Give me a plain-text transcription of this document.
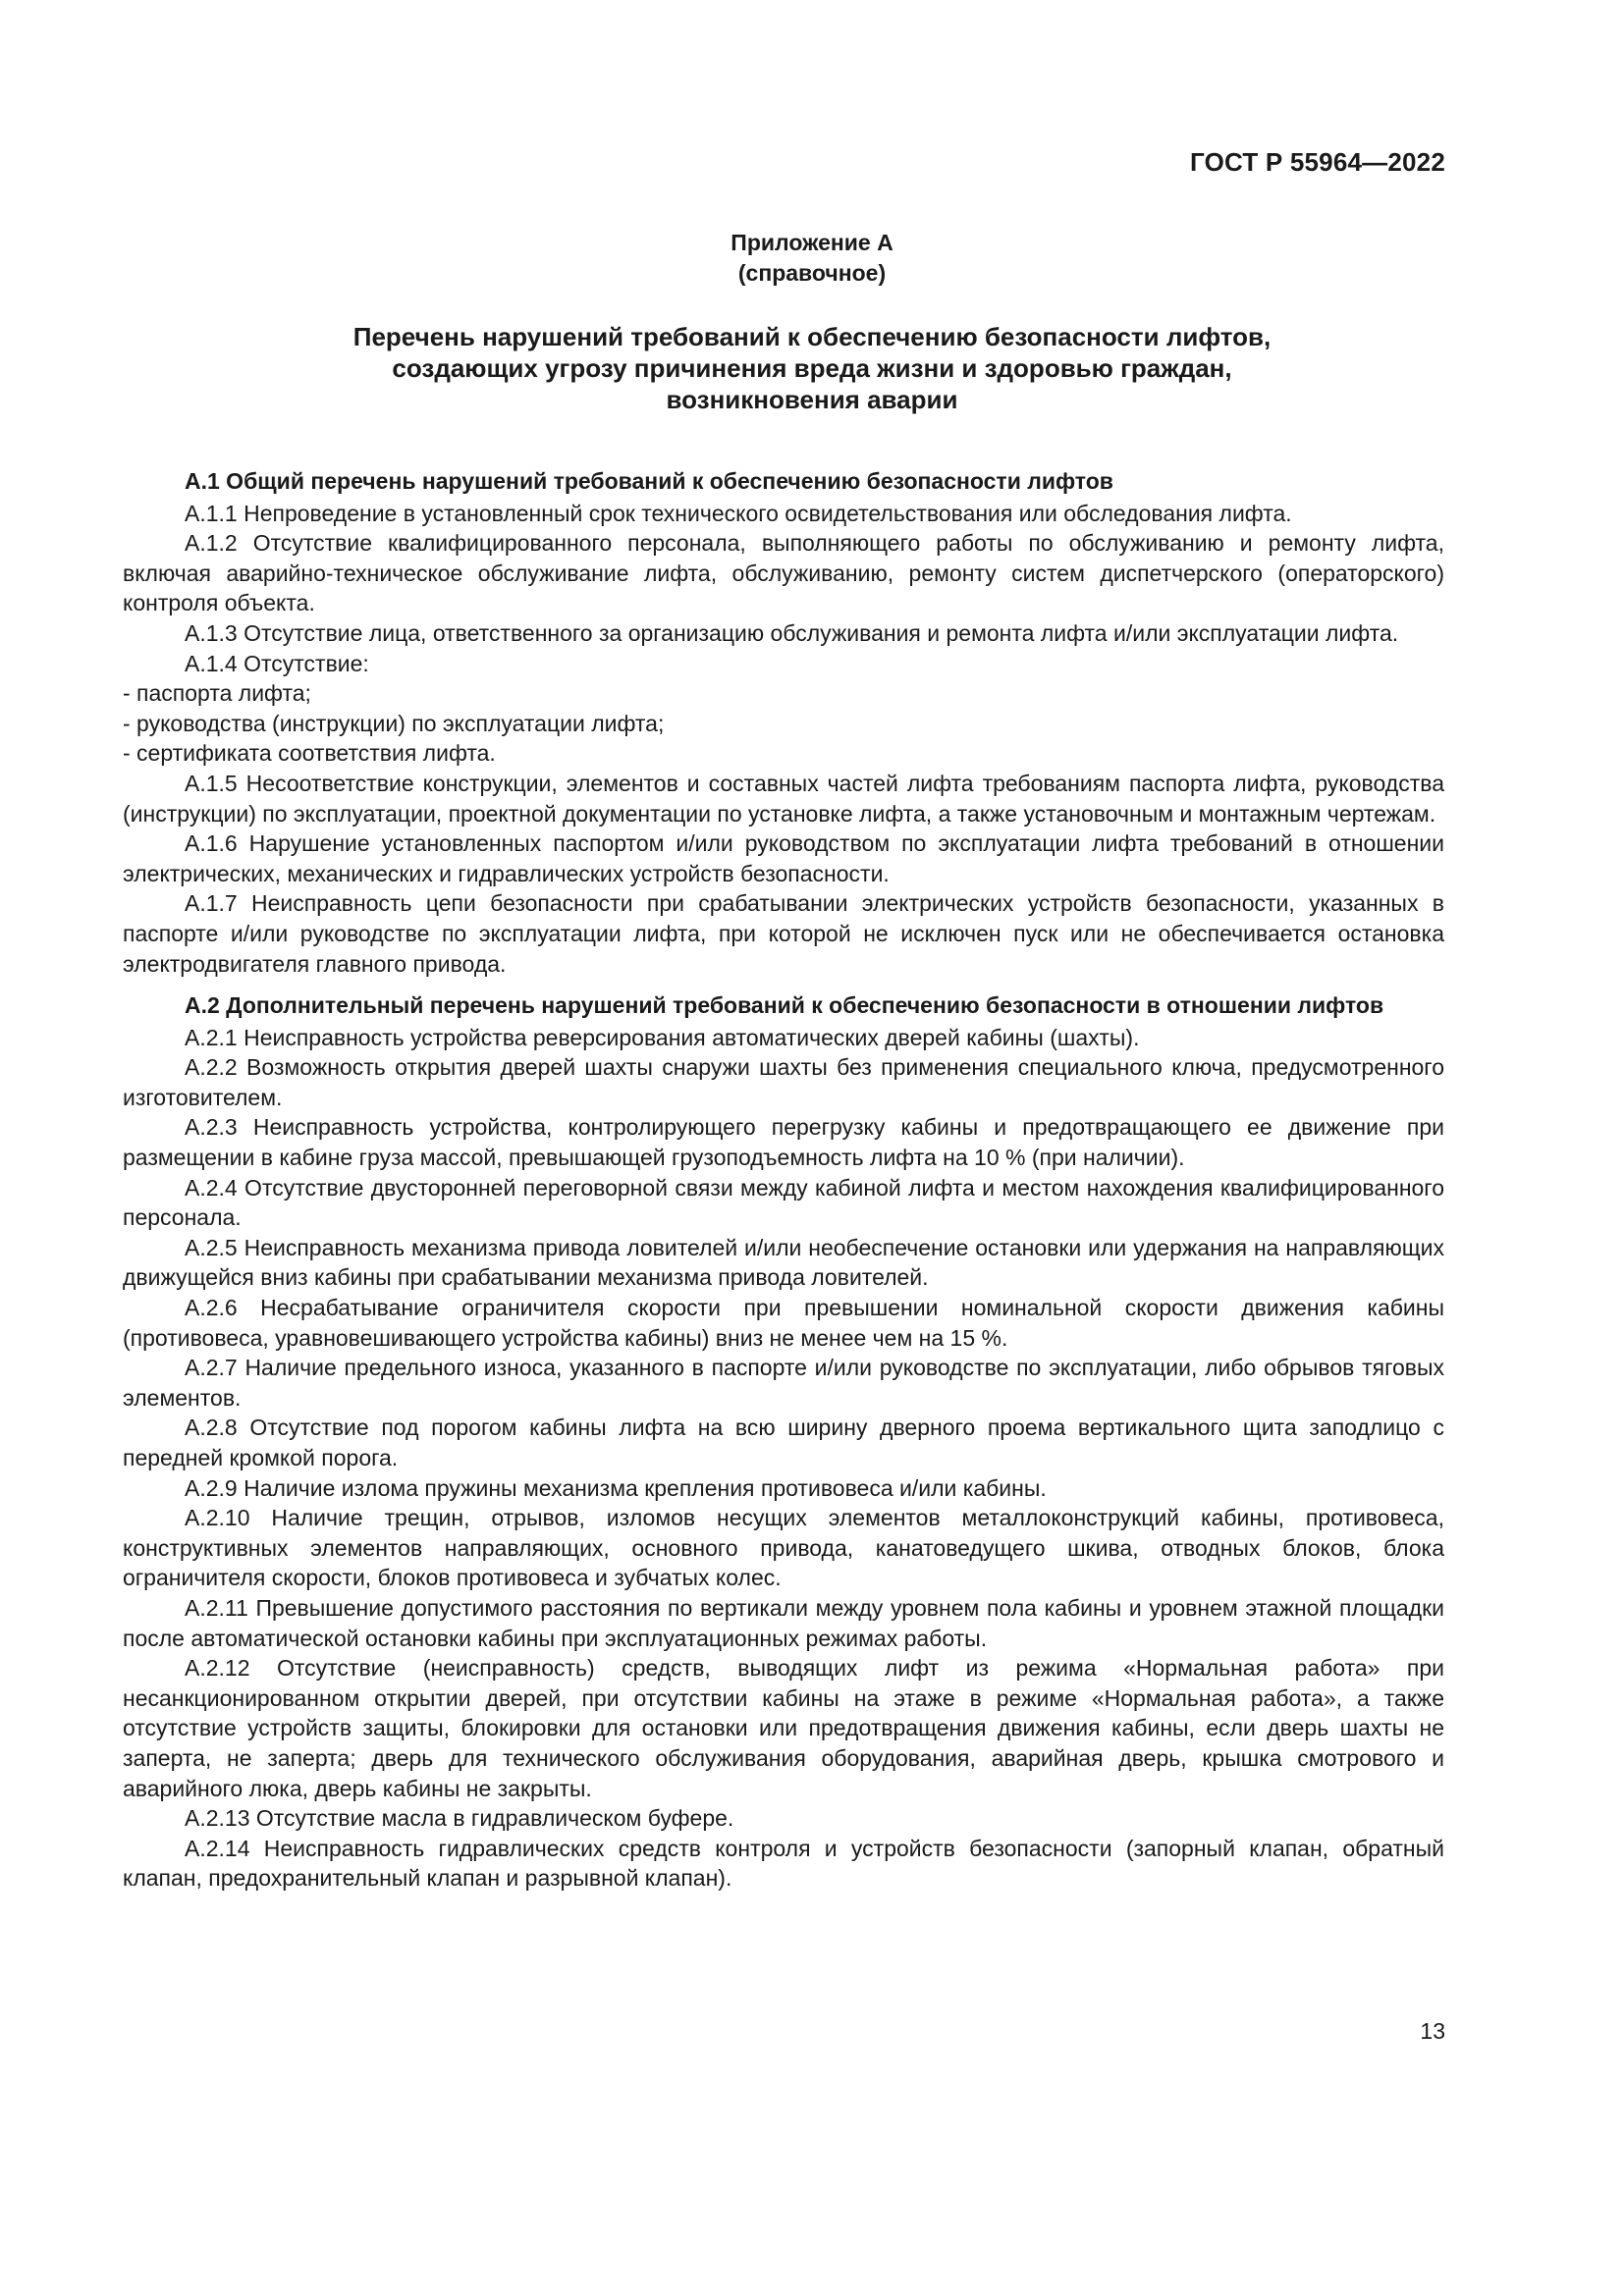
ГОСТ Р 55964—2022
Приложение А
(справочное)
Перечень нарушений требований к обеспечению безопасности лифтов,
создающих угрозу причинения вреда жизни и здоровью граждан,
возникновения аварии

А.1 Общий перечень нарушений требований к обеспечению безопасности лифтов

А.1.1 Непроведение в установленный срок технического освидетельствования или обследования лифта.

А.1.2 Отсутствие квалифицированного персонала, выполняющего работы по обслуживанию и ремонту лифта, включая аварийно-техническое обслуживание лифта, обслуживанию, ремонту систем диспетчерского (операторского) контроля объекта.

А.1.3 Отсутствие лица, ответственного за организацию обслуживания и ремонта лифта и/или эксплуатации лифта.

А.1.4 Отсутствие:

- паспорта лифта;

- руководства (инструкции) по эксплуатации лифта;

- сертификата соответствия лифта.

А.1.5 Несоответствие конструкции, элементов и составных частей лифта требованиям паспорта лифта, руководства (инструкции) по эксплуатации, проектной документации по установке лифта, а также установочным и монтажным чертежам.

А.1.6 Нарушение установленных паспортом и/или руководством по эксплуатации лифта требований в отношении электрических, механических и гидравлических устройств безопасности.

А.1.7 Неисправность цепи безопасности при срабатывании электрических устройств безопасности, указанных в паспорте и/или руководстве по эксплуатации лифта, при которой не исключен пуск или не обеспечивается остановка электродвигателя главного привода.

А.2 Дополнительный перечень нарушений требований к обеспечению безопасности в отношении лифтов

А.2.1 Неисправность устройства реверсирования автоматических дверей кабины (шахты).

А.2.2 Возможность открытия дверей шахты снаружи шахты без применения специального ключа, предусмотренного изготовителем.

А.2.3 Неисправность устройства, контролирующего перегрузку кабины и предотвращающего ее движение при размещении в кабине груза массой, превышающей грузоподъемность лифта на 10 % (при наличии).

А.2.4 Отсутствие двусторонней переговорной связи между кабиной лифта и местом нахождения квалифицированного персонала.

А.2.5 Неисправность механизма привода ловителей и/или необеспечение остановки или удержания на направляющих движущейся вниз кабины при срабатывании механизма привода ловителей.

А.2.6 Несрабатывание ограничителя скорости при превышении номинальной скорости движения кабины (противовеса, уравновешивающего устройства кабины) вниз не менее чем на 15 %.

А.2.7 Наличие предельного износа, указанного в паспорте и/или руководстве по эксплуатации, либо обрывов тяговых элементов.

А.2.8 Отсутствие под порогом кабины лифта на всю ширину дверного проема вертикального щита заподлицо с передней кромкой порога.

А.2.9 Наличие излома пружины механизма крепления противовеса и/или кабины.

А.2.10 Наличие трещин, отрывов, изломов несущих элементов металлоконструкций кабины, противовеса, конструктивных элементов направляющих, основного привода, канатоведущего шкива, отводных блоков, блока ограничителя скорости, блоков противовеса и зубчатых колес.

А.2.11 Превышение допустимого расстояния по вертикали между уровнем пола кабины и уровнем этажной площадки после автоматической остановки кабины при эксплуатационных режимах работы.

А.2.12 Отсутствие (неисправность) средств, выводящих лифт из режима «Нормальная работа» при несанкционированном открытии дверей, при отсутствии кабины на этаже в режиме «Нормальная работа», а также отсутствие устройств защиты, блокировки для остановки или предотвращения движения кабины, если дверь шахты не заперта, не заперта; дверь для технического обслуживания оборудования, аварийная дверь, крышка смотрового и аварийного люка, дверь кабины не закрыты.

А.2.13 Отсутствие масла в гидравлическом буфере.

А.2.14 Неисправность гидравлических средств контроля и устройств безопасности (запорный клапан, обратный клапан, предохранительный клапан и разрывной клапан).

13
